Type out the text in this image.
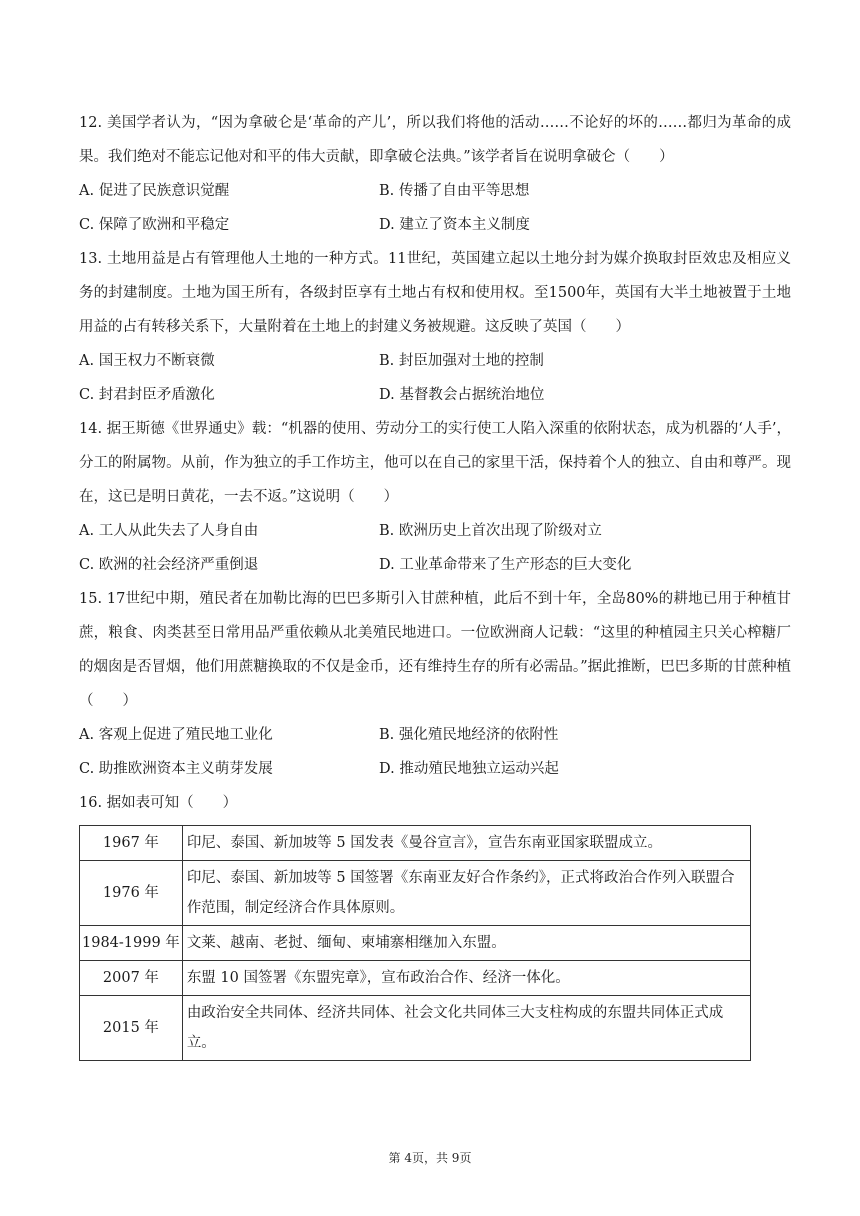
12. 美国学者认为，“因为拿破仑是‘革命的产儿’，所以我们将他的活动……不论好的坏的……都归为革命的成果。我们绝对不能忘记他对和平的伟大贡献，即拿破仑法典。”该学者旨在说明拿破仑（　　）

A. 促进了民族意识觉醒	B. 传播了自由平等思想
C. 保障了欧洲和平稳定	D. 建立了资本主义制度

13. 土地用益是占有管理他人土地的一种方式。11世纪，英国建立起以土地分封为媒介换取封臣效忠及相应义务的封建制度。土地为国王所有，各级封臣享有土地占有权和使用权。至1500年，英国有大半土地被置于土地用益的占有转移关系下，大量附着在土地上的封建义务被规避。这反映了英国（　　）

A. 国王权力不断衰微	B. 封臣加强对土地的控制
C. 封君封臣矛盾激化	D. 基督教会占据统治地位

14. 据王斯德《世界通史》载：“机器的使用、劳动分工的实行使工人陷入深重的依附状态，成为机器的‘人手’，分工的附属物。从前，作为独立的手工作坊主，他可以在自己的家里干活，保持着个人的独立、自由和尊严。现在，这已是明日黄花，一去不返。”这说明（　　）

A. 工人从此失去了人身自由	B. 欧洲历史上首次出现了阶级对立
C. 欧洲的社会经济严重倒退	D. 工业革命带来了生产形态的巨大变化

15. 17世纪中期，殖民者在加勒比海的巴巴多斯引入甘蔗种植，此后不到十年，全岛80%的耕地已用于种植甘蔗，粮食、肉类甚至日常用品严重依赖从北美殖民地进口。一位欧洲商人记载：“这里的种植园主只关心榨糖厂的烟囱是否冒烟，他们用蔗糖换取的不仅是金币，还有维持生存的所有必需品。”据此推断，巴巴多斯的甘蔗种植（　　）

A. 客观上促进了殖民地工业化	B. 强化殖民地经济的依附性
C. 助推欧洲资本主义萌芽发展	D. 推动殖民地独立运动兴起

16. 据如表可知（　　）

1967 年	印尼、泰国、新加坡等 5 国发表《曼谷宣言》，宣告东南亚国家联盟成立。
1976 年	印尼、泰国、新加坡等 5 国签署《东南亚友好合作条约》，正式将政治合作列入联盟合作范围，制定经济合作具体原则。
1984-1999 年	文莱、越南、老挝、缅甸、柬埔寨相继加入东盟。
2007 年	东盟 10 国签署《东盟宪章》，宣布政治合作、经济一体化。
2015 年	由政治安全共同体、经济共同体、社会文化共同体三大支柱构成的东盟共同体正式成立。
第 4页，共 9页
